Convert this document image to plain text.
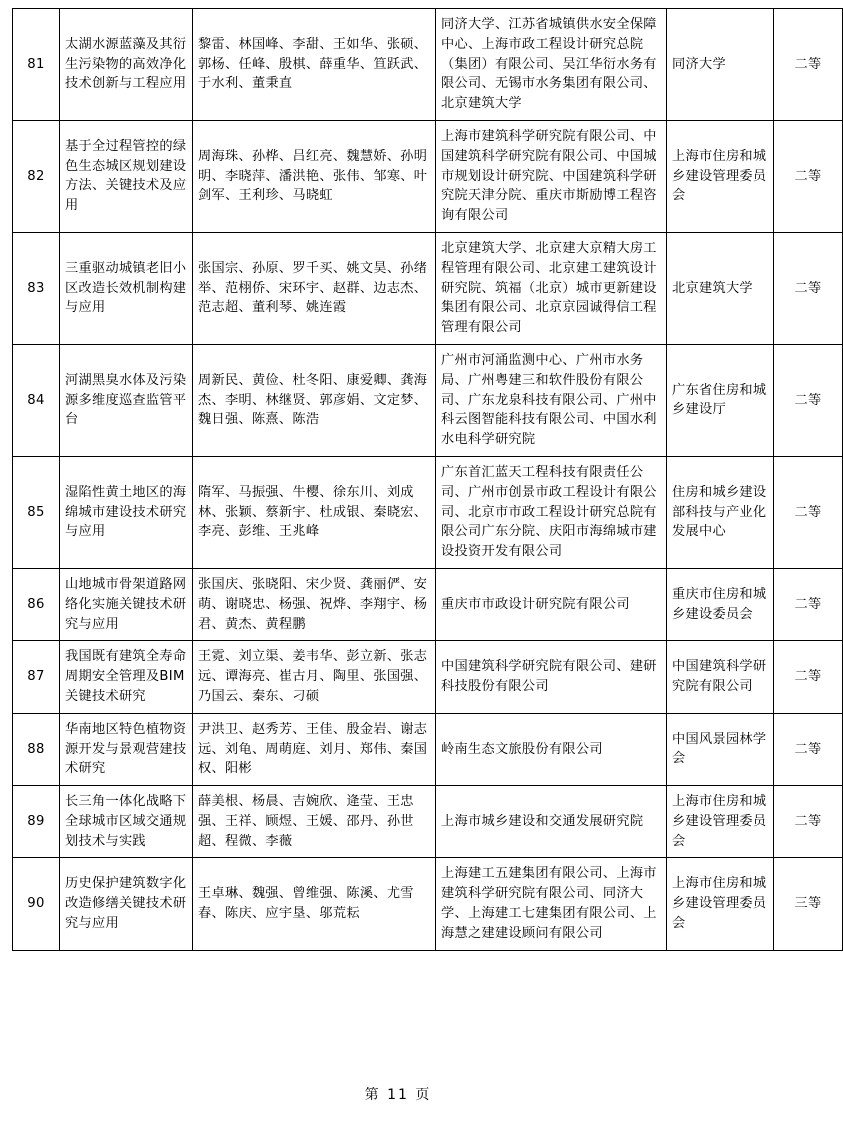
81	太湖水源蓝藻及其衍生污染物的高效净化技术创新与工程应用	黎雷、林国峰、李甜、王如华、张硕、郭杨、任峰、殷棋、薛重华、笪跃武、于水利、董秉直	同济大学、江苏省城镇供水安全保障中心、上海市政工程设计研究总院（集团）有限公司、吴江华衍水务有限公司、无锡市水务集团有限公司、北京建筑大学	同济大学	二等
82	基于全过程管控的绿色生态城区规划建设方法、关键技术及应用	周海珠、孙桦、吕红亮、魏慧娇、孙明明、李晓萍、潘洪艳、张伟、邹寒、叶剑军、王利珍、马晓虹	上海市建筑科学研究院有限公司、中国建筑科学研究院有限公司、中国城市规划设计研究院、中国建筑科学研究院天津分院、重庆市斯励博工程咨询有限公司	上海市住房和城乡建设管理委员会	二等
83	三重驱动城镇老旧小区改造长效机制构建与应用	张国宗、孙原、罗千买、姚文昊、孙绪举、范栩侨、宋环宇、赵群、边志杰、范志超、董利琴、姚连霞	北京建筑大学、北京建大京精大房工程管理有限公司、北京建工建筑设计研究院、筑福（北京）城市更新建设集团有限公司、北京京园诚得信工程管理有限公司	北京建筑大学	二等
84	河湖黑臭水体及污染源多维度巡查监管平台	周新民、黄俭、杜冬阳、康爱卿、龚海杰、李明、林继贤、郭彦娟、文定梦、魏日强、陈熹、陈浩	广州市河涌监测中心、广州市水务局、广州粤建三和软件股份有限公司、广东龙泉科技有限公司、广州中科云图智能科技有限公司、中国水利水电科学研究院	广东省住房和城乡建设厅	二等
85	湿陷性黄土地区的海绵城市建设技术研究与应用	隋军、马振强、牛樱、徐东川、刘成林、张颖、蔡新宇、杜成银、秦晓宏、李亮、彭维、王兆峰	广东首汇蓝天工程科技有限责任公司、广州市创景市政工程设计有限公司、北京市市政工程设计研究总院有限公司广东分院、庆阳市海绵城市建设投资开发有限公司	住房和城乡建设部科技与产业化发展中心	二等
86	山地城市骨架道路网络化实施关键技术研究与应用	张国庆、张晓阳、宋少贤、龚丽俨、安萌、谢晓忠、杨强、祝烨、李翔宇、杨君、黄杰、黄程鹏	重庆市市政设计研究院有限公司	重庆市住房和城乡建设委员会	二等
87	我国既有建筑全寿命周期安全管理及BIM关键技术研究	王霓、刘立渠、姜韦华、彭立新、张志远、谭海亮、崔古月、陶里、张国强、乃国云、秦东、刁硕	中国建筑科学研究院有限公司、建研科技股份有限公司	中国建筑科学研究院有限公司	二等
88	华南地区特色植物资源开发与景观营建技术研究	尹洪卫、赵秀芳、王佳、殷金岩、谢志远、刘龟、周萌庭、刘月、郑伟、秦国权、阳彬	岭南生态文旅股份有限公司	中国风景园林学会	二等
89	长三角一体化战略下全球城市区域交通规划技术与实践	薛美根、杨晨、吉婉欣、逄莹、王忠强、王祥、顾煜、王媛、邵丹、孙世超、程微、李薇	上海市城乡建设和交通发展研究院	上海市住房和城乡建设管理委员会	二等
90	历史保护建筑数字化改造修缮关键技术研究与应用	王卓琳、魏强、曾维强、陈溪、尤雪春、陈庆、应宇垦、邬荒耘	上海建工五建集团有限公司、上海市建筑科学研究院有限公司、同济大学、上海建工七建集团有限公司、上海慧之建建设顾问有限公司	上海市住房和城乡建设管理委员会	三等
第 11 页
